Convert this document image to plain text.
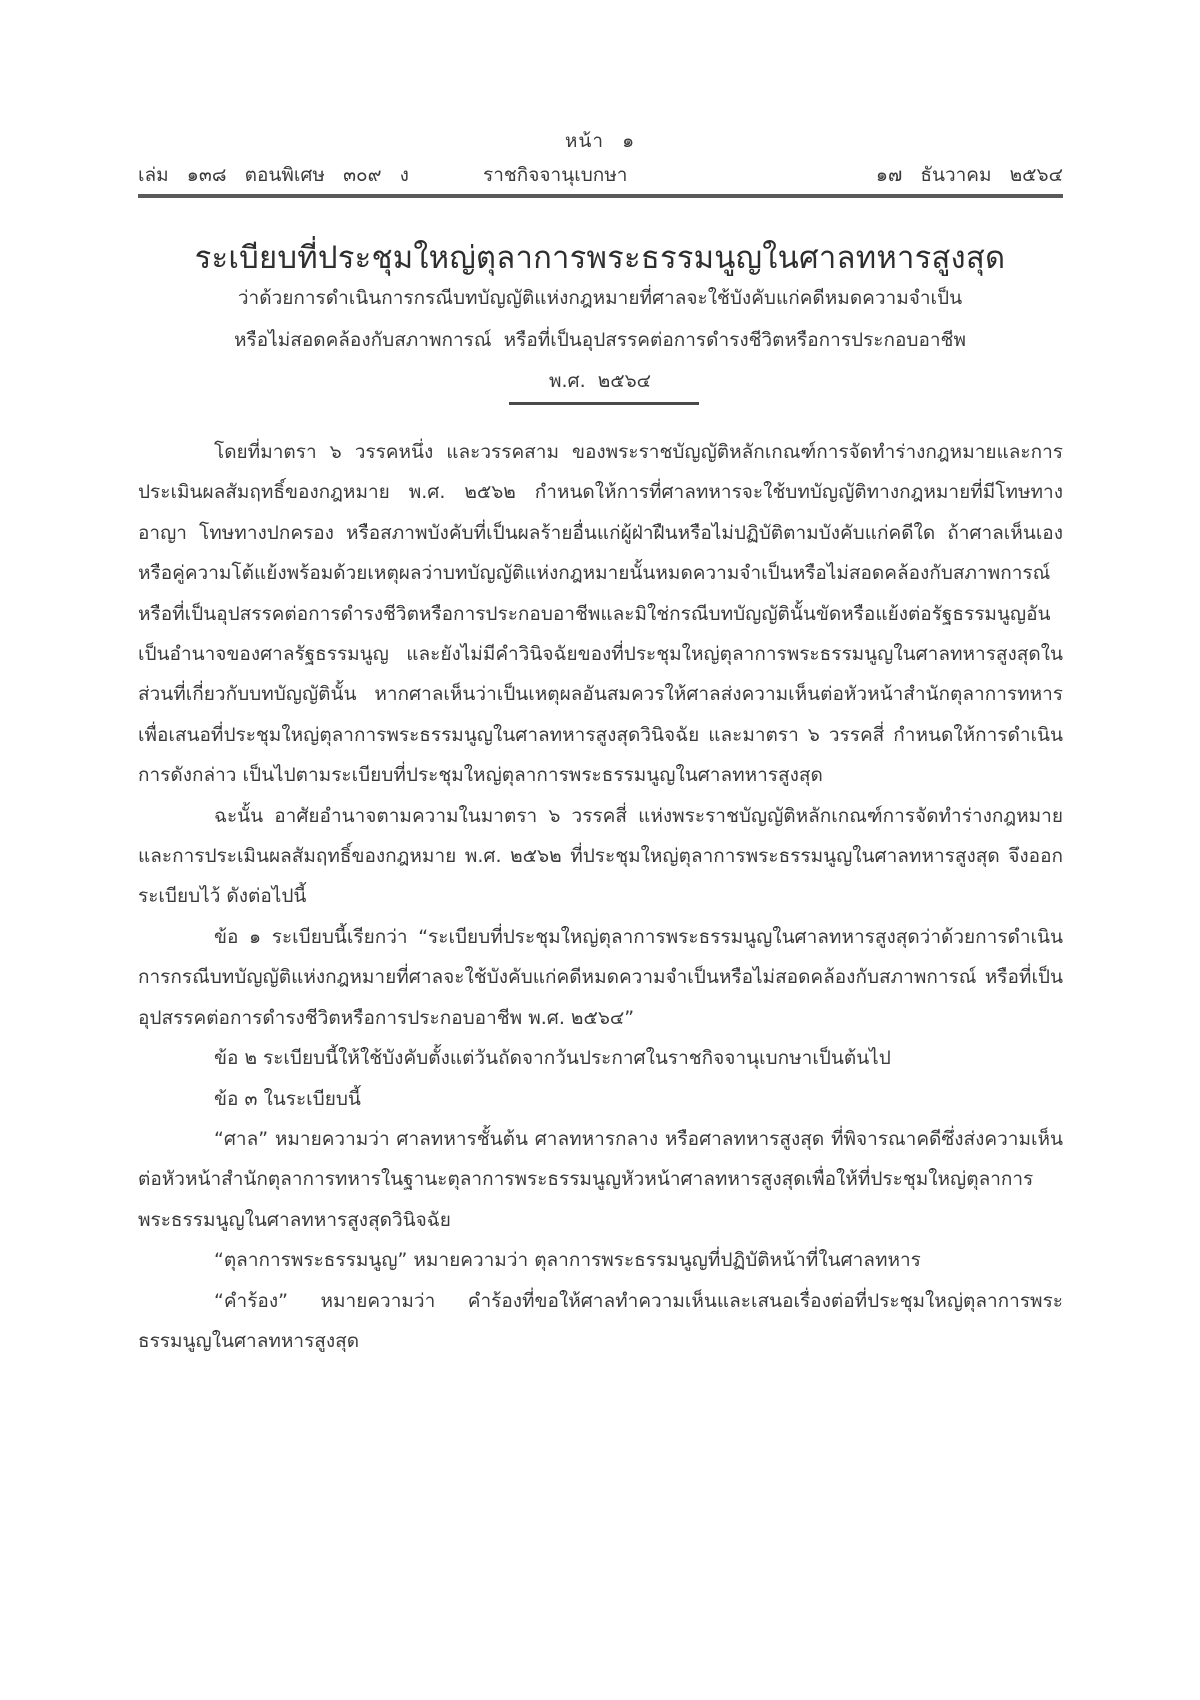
หน้า ๑
เล่ม   ๑๓๘   ตอนพิเศษ   ๓๐๙   ง	ราชกิจจานุเบกษา	๑๗   ธันวาคม   ๒๕๖๔
ระเบียบที่ประชุมใหญ่ตุลาการพระธรรมนูญในศาลทหารสูงสุด
ว่าด้วยการดำเนินการกรณีบทบัญญัติแห่งกฎหมายที่ศาลจะใช้บังคับแก่คดีหมดความจำเป็น
หรือไม่สอดคล้องกับสภาพการณ์  หรือที่เป็นอุปสรรคต่อการดำรงชีวิตหรือการประกอบอาชีพ
พ.ศ.  ๒๕๖๔

โดยที่มาตรา ๖ วรรคหนึ่ง และวรรคสาม ของพระราชบัญญัติหลักเกณฑ์การจัดทำร่างกฎหมายและการประเมินผลสัมฤทธิ์ของกฎหมาย พ.ศ. ๒๕๖๒ กำหนดให้การที่ศาลทหารจะใช้บทบัญญัติทางกฎหมายที่มีโทษทางอาญา โทษทางปกครอง หรือสภาพบังคับที่เป็นผลร้ายอื่นแก่ผู้ฝ่าฝืนหรือไม่ปฏิบัติตามบังคับแก่คดีใด ถ้าศาลเห็นเองหรือคู่ความโต้แย้งพร้อมด้วยเหตุผลว่าบทบัญญัติแห่งกฎหมายนั้นหมดความจำเป็นหรือไม่สอดคล้องกับสภาพการณ์ หรือที่เป็นอุปสรรคต่อการดำรงชีวิตหรือการประกอบอาชีพและมิใช่กรณีบทบัญญัตินั้นขัดหรือแย้งต่อรัฐธรรมนูญอันเป็นอำนาจของศาลรัฐธรรมนูญ และยังไม่มีคำวินิจฉัยของที่ประชุมใหญ่ตุลาการพระธรรมนูญในศาลทหารสูงสุดในส่วนที่เกี่ยวกับบทบัญญัตินั้น หากศาลเห็นว่าเป็นเหตุผลอันสมควรให้ศาลส่งความเห็นต่อหัวหน้าสำนักตุลาการทหารเพื่อเสนอที่ประชุมใหญ่ตุลาการพระธรรมนูญในศาลทหารสูงสุดวินิจฉัย และมาตรา ๖ วรรคสี่ กำหนดให้การดำเนินการดังกล่าว เป็นไปตามระเบียบที่ประชุมใหญ่ตุลาการพระธรรมนูญในศาลทหารสูงสุด

ฉะนั้น อาศัยอำนาจตามความในมาตรา ๖ วรรคสี่ แห่งพระราชบัญญัติหลักเกณฑ์การจัดทำร่างกฎหมายและการประเมินผลสัมฤทธิ์ของกฎหมาย พ.ศ. ๒๕๖๒ ที่ประชุมใหญ่ตุลาการพระธรรมนูญในศาลทหารสูงสุด จึงออกระเบียบไว้ ดังต่อไปนี้

ข้อ ๑ ระเบียบนี้เรียกว่า “ระเบียบที่ประชุมใหญ่ตุลาการพระธรรมนูญในศาลทหารสูงสุดว่าด้วยการดำเนินการกรณีบทบัญญัติแห่งกฎหมายที่ศาลจะใช้บังคับแก่คดีหมดความจำเป็นหรือไม่สอดคล้องกับสภาพการณ์ หรือที่เป็นอุปสรรคต่อการดำรงชีวิตหรือการประกอบอาชีพ พ.ศ. ๒๕๖๔”

ข้อ ๒ ระเบียบนี้ให้ใช้บังคับตั้งแต่วันถัดจากวันประกาศในราชกิจจานุเบกษาเป็นต้นไป

ข้อ ๓ ในระเบียบนี้

“ศาล” หมายความว่า ศาลทหารชั้นต้น ศาลทหารกลาง หรือศาลทหารสูงสุด ที่พิจารณาคดีซึ่งส่งความเห็นต่อหัวหน้าสำนักตุลาการทหารในฐานะตุลาการพระธรรมนูญหัวหน้าศาลทหารสูงสุดเพื่อให้ที่ประชุมใหญ่ตุลาการพระธรรมนูญในศาลทหารสูงสุดวินิจฉัย

“ตุลาการพระธรรมนูญ” หมายความว่า ตุลาการพระธรรมนูญที่ปฏิบัติหน้าที่ในศาลทหาร

“คำร้อง” หมายความว่า คำร้องที่ขอให้ศาลทำความเห็นและเสนอเรื่องต่อที่ประชุมใหญ่ตุลาการพระธรรมนูญในศาลทหารสูงสุด
